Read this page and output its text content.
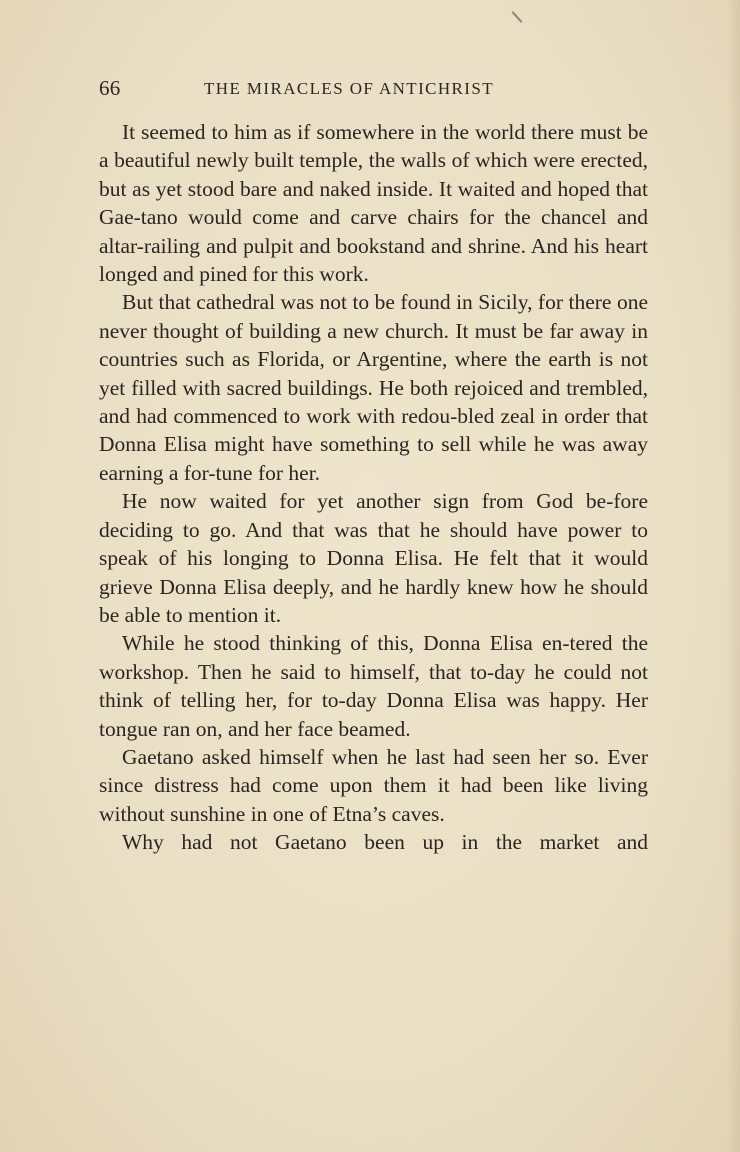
66	THE MIRACLES OF ANTICHRIST

It seemed to him as if somewhere in the world there must be a beautiful newly built temple, the walls of which were erected, but as yet stood bare and naked inside. It waited and hoped that Gae-tano would come and carve chairs for the chancel and altar-railing and pulpit and bookstand and shrine. And his heart longed and pined for this work.

But that cathedral was not to be found in Sicily, for there one never thought of building a new church. It must be far away in countries such as Florida, or Argentine, where the earth is not yet filled with sacred buildings. He both rejoiced and trembled, and had commenced to work with redou-bled zeal in order that Donna Elisa might have something to sell while he was away earning a for-tune for her.

He now waited for yet another sign from God be-fore deciding to go. And that was that he should have power to speak of his longing to Donna Elisa. He felt that it would grieve Donna Elisa deeply, and he hardly knew how he should be able to mention it.

While he stood thinking of this, Donna Elisa en-tered the workshop. Then he said to himself, that to-day he could not think of telling her, for to-day Donna Elisa was happy. Her tongue ran on, and her face beamed.

Gaetano asked himself when he last had seen her so. Ever since distress had come upon them it had been like living without sunshine in one of Etna’s caves.

Why had not Gaetano been up in the market and
